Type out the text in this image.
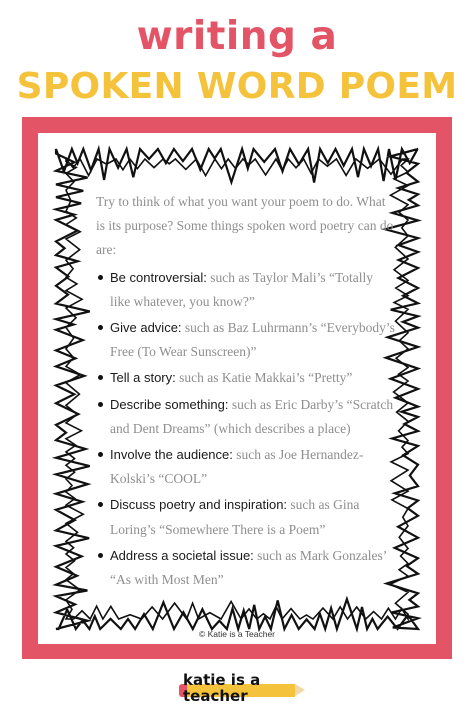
writing a
SPOKEN WORD POEM

Try to think of what you want your poem to do. What is its purpose? Some things spoken word poetry can do are:

Be controversial: such as Taylor Mali’s “Totally like whatever, you know?”
Give advice: such as Baz Luhrmann’s “Everybody’s Free (To Wear Sunscreen)”
Tell a story: such as Katie Makkai’s “Pretty”
Describe something: such as Eric Darby’s “Scratch and Dent Dreams” (which describes a place)
Involve the audience: such as Joe Hernandez-Kolski’s “COOL”
Discuss poetry and inspiration: such as Gina Loring’s “Somewhere There is a Poem”
Address a societal issue: such as Mark Gonzales’ “As with Most Men”
© Katie is a Teacher
katie is a
teacher
